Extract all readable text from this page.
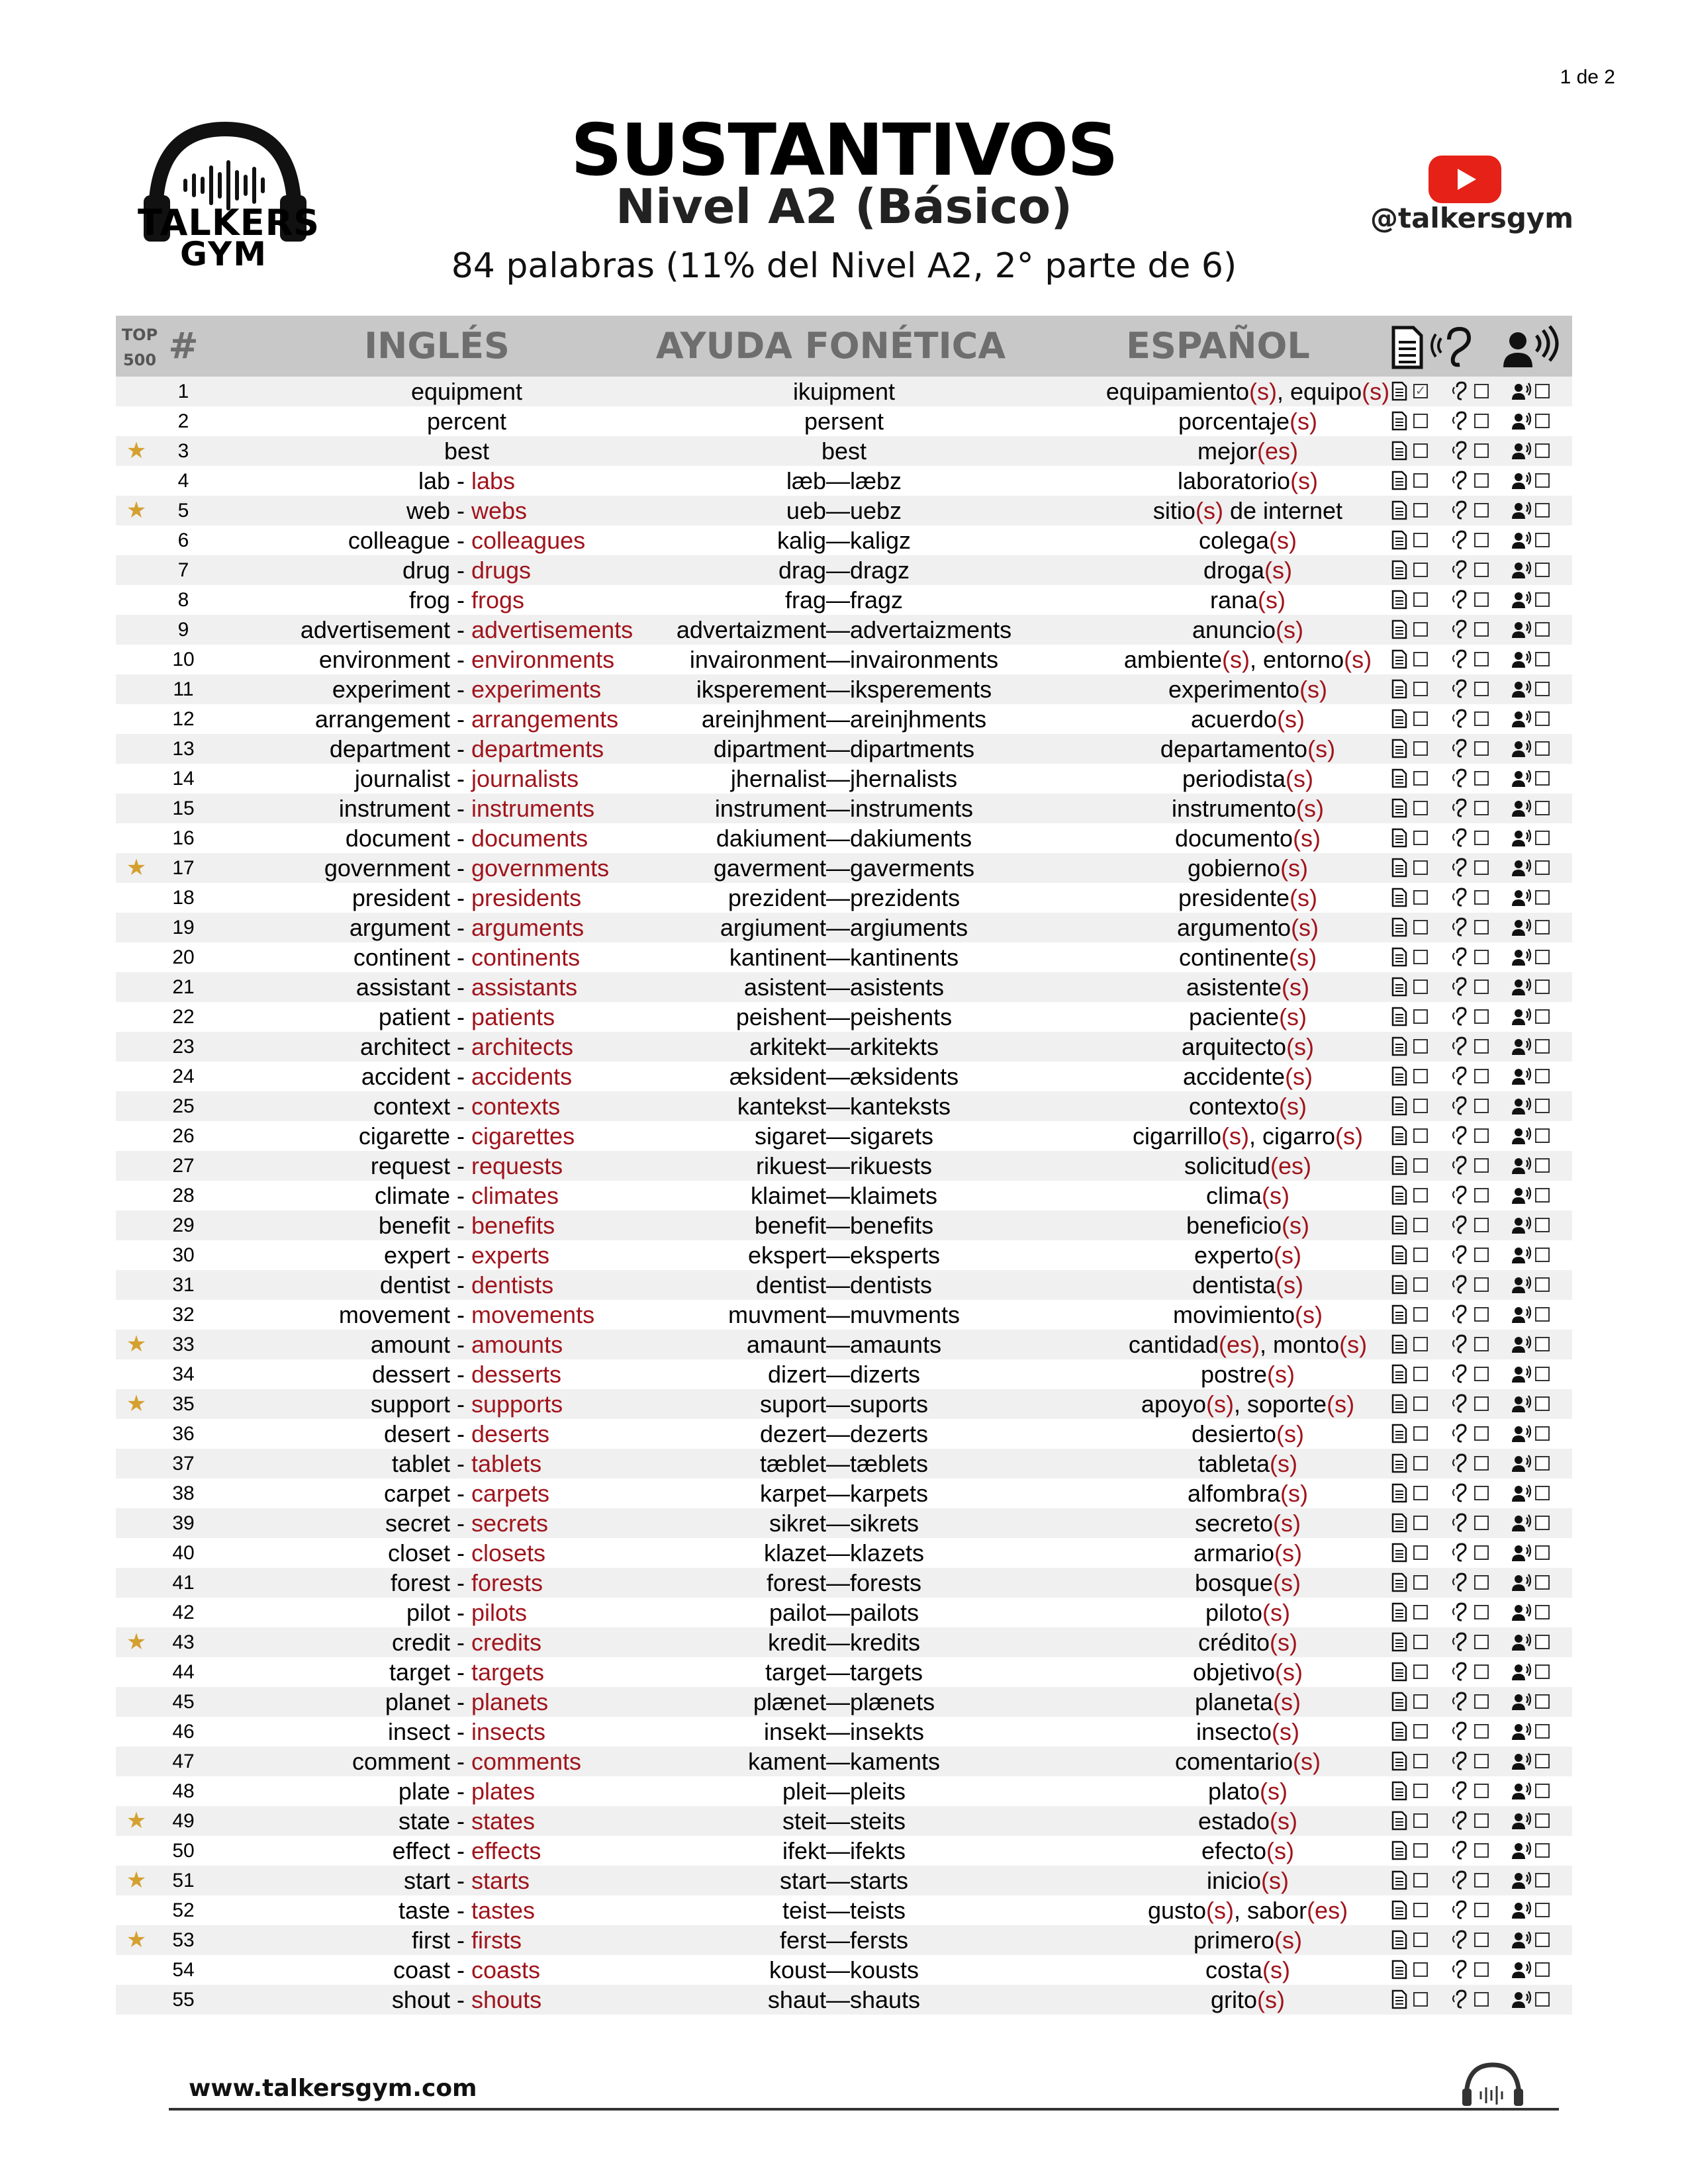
1 de 2
TALKERS
GYM
SUSTANTIVOS
Nivel A2 (Básico)
84 palabras (11% del Nivel A2, 2° parte de 6)
@talkersgym
TOP
500 #	INGLÉS	AYUDA FONÉTICA	ESPAÑOL
1	equipment	ikuipment	equipamiento(s), equipo(s)	✓
2	percent	persent	porcentaje(s)
★	3	best	best	mejor(es)
4	lab - labs	læb—læbz	laboratorio(s)
★	5	web - webs	ueb—uebz	sitio(s) de internet
6	colleague - colleagues	kalig—kaligz	colega(s)
7	drug - drugs	drag—dragz	droga(s)
8	frog - frogs	frag—fragz	rana(s)
9	advertisement - advertisements	advertaizment—advertaizments	anuncio(s)
10	environment - environments	invaironment—invaironments	ambiente(s), entorno(s)
11	experiment - experiments	iksperement—iksperements	experimento(s)
12	arrangement - arrangements	areinjhment—areinjhments	acuerdo(s)
13	department - departments	dipartment—dipartments	departamento(s)
14	journalist - journalists	jhernalist—jhernalists	periodista(s)
15	instrument - instruments	instrument—instruments	instrumento(s)
16	document - documents	dakiument—dakiuments	documento(s)
★	17	government - governments	gaverment—gaverments	gobierno(s)
18	president - presidents	prezident—prezidents	presidente(s)
19	argument - arguments	argiument—argiuments	argumento(s)
20	continent - continents	kantinent—kantinents	continente(s)
21	assistant - assistants	asistent—asistents	asistente(s)
22	patient - patients	peishent—peishents	paciente(s)
23	architect - architects	arkitekt—arkitekts	arquitecto(s)
24	accident - accidents	æksident—æksidents	accidente(s)
25	context - contexts	kantekst—kanteksts	contexto(s)
26	cigarette - cigarettes	sigaret—sigarets	cigarrillo(s), cigarro(s)
27	request - requests	rikuest—rikuests	solicitud(es)
28	climate - climates	klaimet—klaimets	clima(s)
29	benefit - benefits	benefit—benefits	beneficio(s)
30	expert - experts	ekspert—eksperts	experto(s)
31	dentist - dentists	dentist—dentists	dentista(s)
32	movement - movements	muvment—muvments	movimiento(s)
★	33	amount - amounts	amaunt—amaunts	cantidad(es), monto(s)
34	dessert - desserts	dizert—dizerts	postre(s)
★	35	support - supports	suport—suports	apoyo(s), soporte(s)
36	desert - deserts	dezert—dezerts	desierto(s)
37	tablet - tablets	tæblet—tæblets	tableta(s)
38	carpet - carpets	karpet—karpets	alfombra(s)
39	secret - secrets	sikret—sikrets	secreto(s)
40	closet - closets	klazet—klazets	armario(s)
41	forest - forests	forest—forests	bosque(s)
42	pilot - pilots	pailot—pailots	piloto(s)
★	43	credit - credits	kredit—kredits	crédito(s)
44	target - targets	target—targets	objetivo(s)
45	planet - planets	plænet—plænets	planeta(s)
46	insect - insects	insekt—insekts	insecto(s)
47	comment - comments	kament—kaments	comentario(s)
48	plate - plates	pleit—pleits	plato(s)
★	49	state - states	steit—steits	estado(s)
50	effect - effects	ifekt—ifekts	efecto(s)
★	51	start - starts	start—starts	inicio(s)
52	taste - tastes	teist—teists	gusto(s), sabor(es)
★	53	first - firsts	ferst—fersts	primero(s)
54	coast - coasts	koust—kousts	costa(s)
55	shout - shouts	shaut—shauts	grito(s)
www.talkersgym.com
